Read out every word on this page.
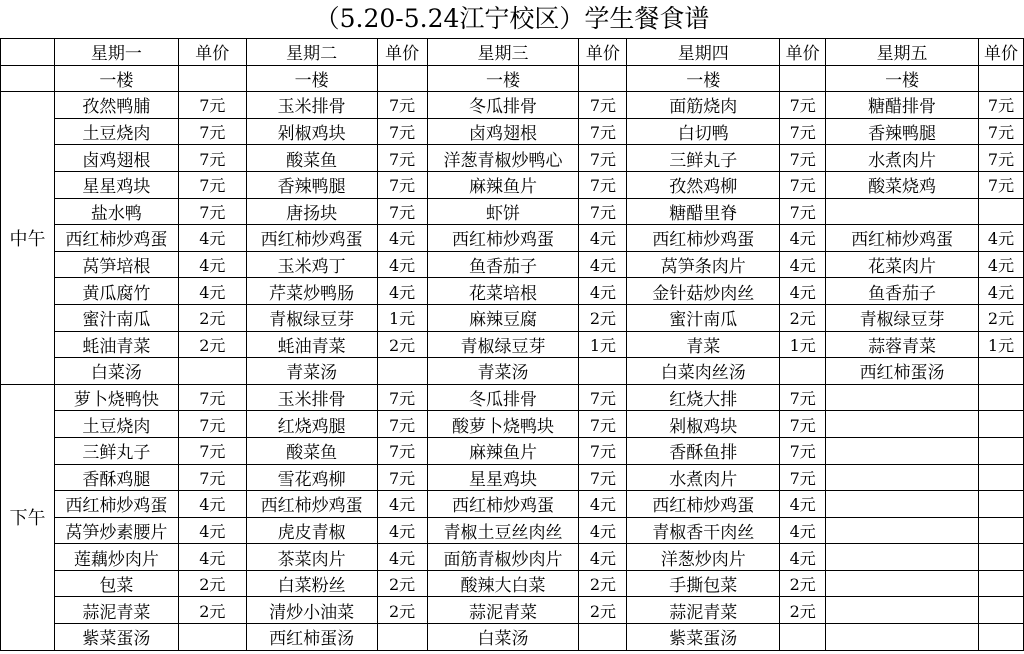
（5.20-5.24江宁校区）学生餐食谱
	星期一	单价	星期二	单价	星期三	单价	星期四	单价	星期五	单价
	一楼		一楼		一楼		一楼		一楼	
中午	孜然鸭脯	7元	玉米排骨	7元	冬瓜排骨	7元	面筋烧肉	7元	糖醋排骨	7元
	土豆烧肉	7元	剁椒鸡块	7元	卤鸡翅根	7元	白切鸭	7元	香辣鸭腿	7元
	卤鸡翅根	7元	酸菜鱼	7元	洋葱青椒炒鸭心	7元	三鲜丸子	7元	水煮肉片	7元
	星星鸡块	7元	香辣鸭腿	7元	麻辣鱼片	7元	孜然鸡柳	7元	酸菜烧鸡	7元
	盐水鸭	7元	唐扬块	7元	虾饼	7元	糖醋里脊	7元		
	西红柿炒鸡蛋	4元	西红柿炒鸡蛋	4元	西红柿炒鸡蛋	4元	西红柿炒鸡蛋	4元	西红柿炒鸡蛋	4元
	莴笋培根	4元	玉米鸡丁	4元	鱼香茄子	4元	莴笋条肉片	4元	花菜肉片	4元
	黄瓜腐竹	4元	芹菜炒鸭肠	4元	花菜培根	4元	金针菇炒肉丝	4元	鱼香茄子	4元
	蜜汁南瓜	2元	青椒绿豆芽	1元	麻辣豆腐	2元	蜜汁南瓜	2元	青椒绿豆芽	2元
	蚝油青菜	2元	蚝油青菜	2元	青椒绿豆芽	1元	青菜	1元	蒜蓉青菜	1元
	白菜汤		青菜汤		青菜汤		白菜肉丝汤		西红柿蛋汤	
下午	萝卜烧鸭快	7元	玉米排骨	7元	冬瓜排骨	7元	红烧大排	7元		
	土豆烧肉	7元	红烧鸡腿	7元	酸萝卜烧鸭块	7元	剁椒鸡块	7元		
	三鲜丸子	7元	酸菜鱼	7元	麻辣鱼片	7元	香酥鱼排	7元		
	香酥鸡腿	7元	雪花鸡柳	7元	星星鸡块	7元	水煮肉片	7元		
	西红柿炒鸡蛋	4元	西红柿炒鸡蛋	4元	西红柿炒鸡蛋	4元	西红柿炒鸡蛋	4元		
	莴笋炒素腰片	4元	虎皮青椒	4元	青椒土豆丝肉丝	4元	青椒香干肉丝	4元		
	莲藕炒肉片	4元	茶菜肉片	4元	面筋青椒炒肉片	4元	洋葱炒肉片	4元		
	包菜	2元	白菜粉丝	2元	酸辣大白菜	2元	手撕包菜	2元		
	蒜泥青菜	2元	清炒小油菜	2元	蒜泥青菜	2元	蒜泥青菜	2元		
	紫菜蛋汤		西红柿蛋汤		白菜汤		紫菜蛋汤			
